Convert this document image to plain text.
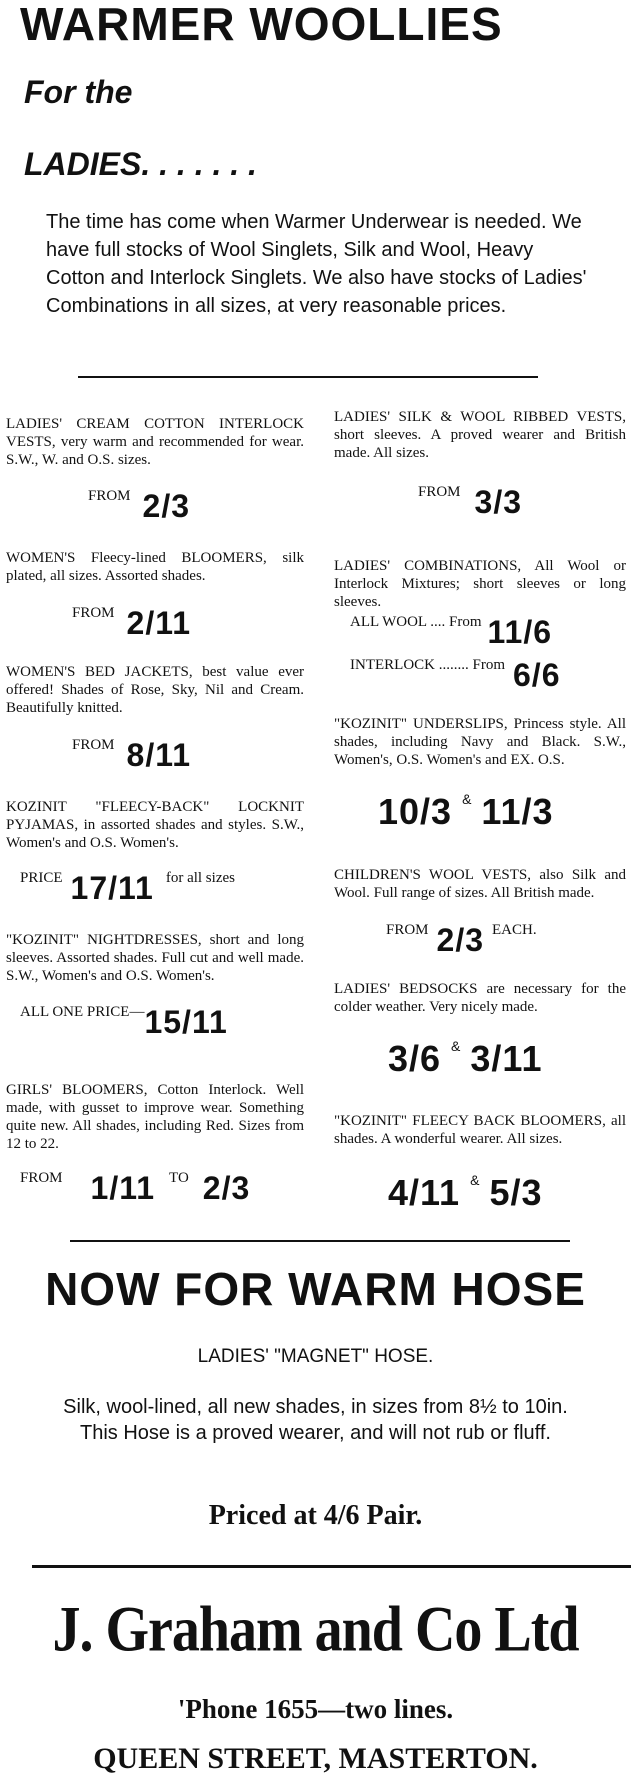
WARMER WOOLLIES
For the
LADIES. . . . . . .
The time has come when Warmer Underwear is needed. We have full stocks of Wool Singlets, Silk and Wool, Heavy Cotton and Interlock Singlets. We also have stocks of Ladies' Combinations in all sizes, at very reasonable prices.
LADIES' CREAM COTTON INTERLOCK VESTS, very warm and recommended for wear. S.W., W. and O.S. sizes.
FROM 2/3
WOMEN'S Fleecy-lined BLOOMERS, silk plated, all sizes. Assorted shades.
FROM 2/11
WOMEN'S BED JACKETS, best value ever offered! Shades of Rose, Sky, Nil and Cream. Beautifully knitted.
FROM 8/11
KOZINIT "FLEECY-BACK" LOCKNIT PYJAMAS, in assorted shades and styles. S.W., Women's and O.S. Women's.
PRICE 17/11 for all sizes
"KOZINIT" NIGHTDRESSES, short and long sleeves. Assorted shades. Full cut and well made. S.W., Women's and O.S. Women's.
ALL ONE PRICE—15/11
GIRLS' BLOOMERS, Cotton Interlock. Well made, with gusset to improve wear. Something quite new. All shades, including Red. Sizes from 12 to 22.
FROM 1/11 TO 2/3
LADIES' SILK & WOOL RIBBED VESTS, short sleeves. A proved wearer and British made. All sizes.
FROM 3/3
LADIES' COMBINATIONS, All Wool or Interlock Mixtures; short sleeves or long sleeves.
ALL WOOL .... From 11/6
INTERLOCK ........ From 6/6
"KOZINIT" UNDERSLIPS, Princess style. All shades, including Navy and Black. S.W., Women's, O.S. Women's and EX. O.S.
10/3 & 11/3
CHILDREN'S WOOL VESTS, also Silk and Wool. Full range of sizes. All British made.
FROM 2/3 EACH.
LADIES' BEDSOCKS are necessary for the colder weather. Very nicely made.
3/6 & 3/11
"KOZINIT" FLEECY BACK BLOOMERS, all shades. A wonderful wearer. All sizes.
4/11 & 5/3
NOW FOR WARM HOSE
LADIES' "MAGNET" HOSE.
Silk, wool-lined, all new shades, in sizes from 8½ to 10in. This Hose is a proved wearer, and will not rub or fluff.
Priced at 4/6 Pair.
J. Graham and Co Ltd
'Phone 1655—two lines.
QUEEN STREET, MASTERTON.
